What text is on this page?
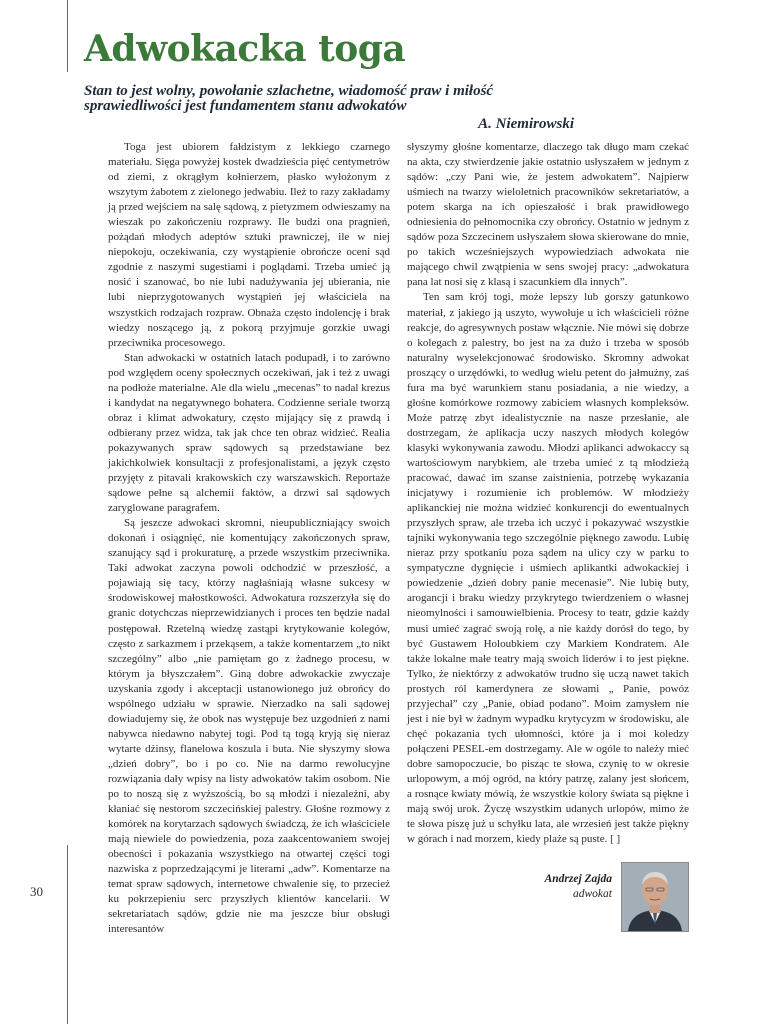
Adwokacka toga

Stan to jest wolny, powołanie szlachetne, wiadomość praw i miłość sprawiedliwości jest fundamentem stanu adwokatów

A. Niemirowski

Toga jest ubiorem fałdzistym z lekkiego czarnego materiału. Sięga powyżej kostek dwadzieścia pięć centymetrów od ziemi, z okrągłym kołnierzem, płasko wyłożonym z wszytym żabotem z zielonego jedwabiu. Ileż to razy zakładamy ją przed wejściem na salę sądową, z pietyzmem odwieszamy na wieszak po zakończeniu rozprawy. Ile budzi ona pragnień, pożądań młodych adeptów sztuki prawniczej, ile w niej niepokoju, oczekiwania, czy wystąpienie obrończe oceni sąd zgodnie z naszymi sugestiami i poglądami. Trzeba umieć ją nosić i szanować, bo nie lubi nadużywania jej ubierania, nie lubi nieprzygotowanych wystąpień jej właściciela na wszystkich rodzajach rozpraw. Obnaża często indolencję i brak wiedzy noszącego ją, z pokorą przyjmuje gorzkie uwagi przeciwnika procesowego.

Stan adwokacki w ostatnich latach podupadł, i to zarówno pod względem oceny społecznych oczekiwań, jak i też z uwagi na podłoże materialne. Ale dla wielu „mecenas” to nadal krezus i kandydat na negatywnego bohatera. Codzienne seriale tworzą obraz i klimat adwokatury, często mijający się z prawdą i odbierany przez widza, tak jak chce ten obraz widzieć. Realia pokazywanych spraw sądowych są przedstawiane bez jakichkolwiek konsultacji z profesjonalistami, a język często przyjęty z pitavali krakowskich czy warszawskich. Reportaże sądowe pełne są alchemii faktów, a drzwi sal sądowych zaryglowane paragrafem.

Są jeszcze adwokaci skromni, nieupubliczniający swoich dokonań i osiągnięć, nie komentujący zakończonych spraw, szanujący sąd i prokuraturę, a przede wszystkim przeciwnika. Taki adwokat zaczyna powoli odchodzić w przeszłość, a pojawiają się tacy, którzy nagłaśniają własne sukcesy w środowiskowej małostkowości. Adwokatura rozszerzyła się do granic dotychczas nieprzewidzianych i proces ten będzie nadal postępował. Rzetelną wiedzę zastąpi krytykowanie kolegów, często z sarkazmem i przekąsem, a także komentarzem „to nikt szczególny” albo „nie pamiętam go z żadnego procesu, w którym ja błyszczałem”. Giną dobre adwokackie zwyczaje uzyskania zgody i akceptacji ustanowionego już obrońcy do wspólnego udziału w sprawie. Nierzadko na sali sądowej dowiadujemy się, że obok nas występuje bez uzgodnień z nami nabywca niedawno nabytej togi. Pod tą togą kryją się nieraz wytarte dżinsy, flanelowa koszula i buta. Nie słyszymy słowa „dzień dobry”, bo i po co. Nie na darmo rewolucyjne rozwiązania dały wpisy na listy adwokatów takim osobom. Nie po to noszą się z wyższością, bo są młodzi i niezależni, aby kłaniać się nestorom szczecińskiej palestry. Głośne rozmowy z komórek na korytarzach sądowych świadczą, że ich właściciele mają niewiele do powiedzenia, poza zaakcentowaniem swojej obecności i pokazania wszystkiego na otwartej części togi nazwiska z poprzedzającymi je literami „adw”. Komentarze na temat spraw sądowych, internetowe chwalenie się, to przecież ku pokrzepieniu serc przyszłych klientów kancelarii. W sekretariatach sądów, gdzie nie ma jeszcze biur obsługi interesantów

słyszymy głośne komentarze, dlaczego tak długo mam czekać na akta, czy stwierdzenie jakie ostatnio usłyszałem w jednym z sądów: „czy Pani wie, że jestem adwokatem”. Najpierw uśmiech na twarzy wieloletnich pracowników sekretariatów, a potem skarga na ich opieszałość i brak prawidłowego odniesienia do pełnomocnika czy obrońcy. Ostatnio w jednym z sądów poza Szczecinem usłyszałem słowa skierowane do mnie, po takich wcześniejszych wypowiedziach adwokata nie mającego chwil zwątpienia w sens swojej pracy: „adwokatura pana lat nosi się z klasą i szacunkiem dla innych”.

Ten sam krój togi, może lepszy lub gorszy gatunkowo materiał, z jakiego ją uszyto, wywołuje u ich właścicieli różne reakcje, do agresywnych postaw włącznie. Nie mówi się dobrze o kolegach z palestry, bo jest na za dużo i trzeba w sposób naturalny wyselekcjonować środowisko. Skromny adwokat proszący o urzędówki, to według wielu petent do jałmużny, zaś fura ma być warunkiem stanu posiadania, a nie wiedzy, a głośne komórkowe rozmowy zabiciem własnych kompleksów. Może patrzę zbyt idealistycznie na nasze przesłanie, ale dostrzegam, że aplikacja uczy naszych młodych kolegów klasyki wykonywania zawodu. Młodzi aplikanci adwokaccy są wartościowym narybkiem, ale trzeba umieć z tą młodzieżą pracować, dawać im szanse zaistnienia, potrzebę wykazania inicjatywy i rozumienie ich problemów. W młodzieży aplikanckiej nie można widzieć konkurencji do ewentualnych przyszłych spraw, ale trzeba ich uczyć i pokazywać wszystkie tajniki wykonywania tego szczególnie pięknego zawodu. Lubię nieraz przy spotkaniu poza sądem na ulicy czy w parku to sympatyczne dygnięcie i uśmiech aplikantki adwokackiej i powiedzenie „dzień dobry panie mecenasie”. Nie lubię buty, arogancji i braku wiedzy przykrytego twierdzeniem o własnej nieomylności i samouwielbienia. Procesy to teatr, gdzie każdy musi umieć zagrać swoją rolę, a nie każdy dorósł do tego, by być Gustawem Holoubkiem czy Markiem Kondratem. Ale także lokalne małe teatry mają swoich liderów i to jest piękne. Tylko, że niektórzy z adwokatów trudno się uczą nawet takich prostych ról kamerdynera ze słowami „ Panie, powóz przyjechał” czy „Panie, obiad podano”. Moim zamysłem nie jest i nie był w żadnym wypadku krytycyzm w środowisku, ale chęć pokazania tych ułomności, które ja i moi koledzy połączeni PESEL-em dostrzegamy. Ale w ogóle to należy mieć dobre samopoczucie, bo pisząc te słowa, czynię to w okresie urlopowym, a mój ogród, na który patrzę, zalany jest słońcem, a rosnące kwiaty mówią, że wszystkie kolory świata są piękne i mają swój urok. Życzę wszystkim udanych urlopów, mimo że te słowa piszę już u schyłku lata, ale wrzesień jest także piękny w górach i nad morzem, kiedy plaże są puste. [ ]

30
Andrzej Zajda
adwokat
